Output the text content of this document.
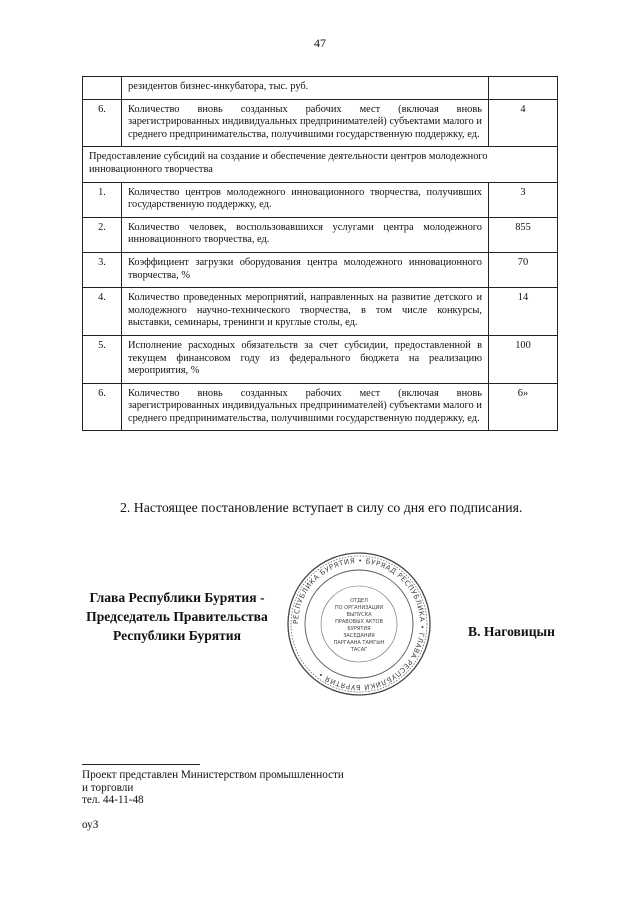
47
	резидентов бизнес-инкубатора, тыс. руб.	
6.	Количество вновь созданных рабочих мест (включая вновь зарегистрированных индивидуальных предпринимателей) субъектами малого и среднего предпринимательства, получившими государственную поддержку, ед.	4
Предоставление субсидий на создание и обеспечение деятельности центров молодежного инновационного творчества		
1.	Количество центров молодежного инновационного творчества, получивших государственную поддержку, ед.	3
2.	Количество человек, воспользовавшихся услугами центра молодежного инновационного творчества, ед.	855
3.	Коэффициент загрузки оборудования центра молодежного инновационного творчества, %	70
4.	Количество проведенных мероприятий, направленных на развитие детского и молодежного научно-технического творчества, в том числе конкурсы, выставки, семинары, тренинги и круглые столы, ед.	14
5.	Исполнение расходных обязательств за счет субсидии, предоставленной в текущем финансовом году из федерального бюджета на реализацию мероприятия, %	100
6.	Количество вновь созданных рабочих мест (включая вновь зарегистрированных индивидуальных предпринимателей) субъектами малого и среднего предпринимательства, получившими государственную поддержку, ед.	6»
2. Настоящее постановление вступает в силу со дня его подписания.
Глава Республики Бурятия -
Председатель Правительства
Республики Бурятия
РЕСПУБЛИКА БУРЯТИЯ • БУРЯАД РЕСПУБЛИКА • ГЛАВА РЕСПУБЛИКИ БУРЯТИЯ •
ОТДЕЛ
ПО ОРГАНИЗАЦИИ
ВЫПУСКА
ПРАВОВЫХ АКТОВ
БУРЯТИЯ
ЗАСЕДАНИЯ
ПАРГААНА ТАМГЫН
ТАСАГ
В. Наговицын
Проект представлен Министерством промышленности
и торговли
тел. 44-11-48
оуЗ
